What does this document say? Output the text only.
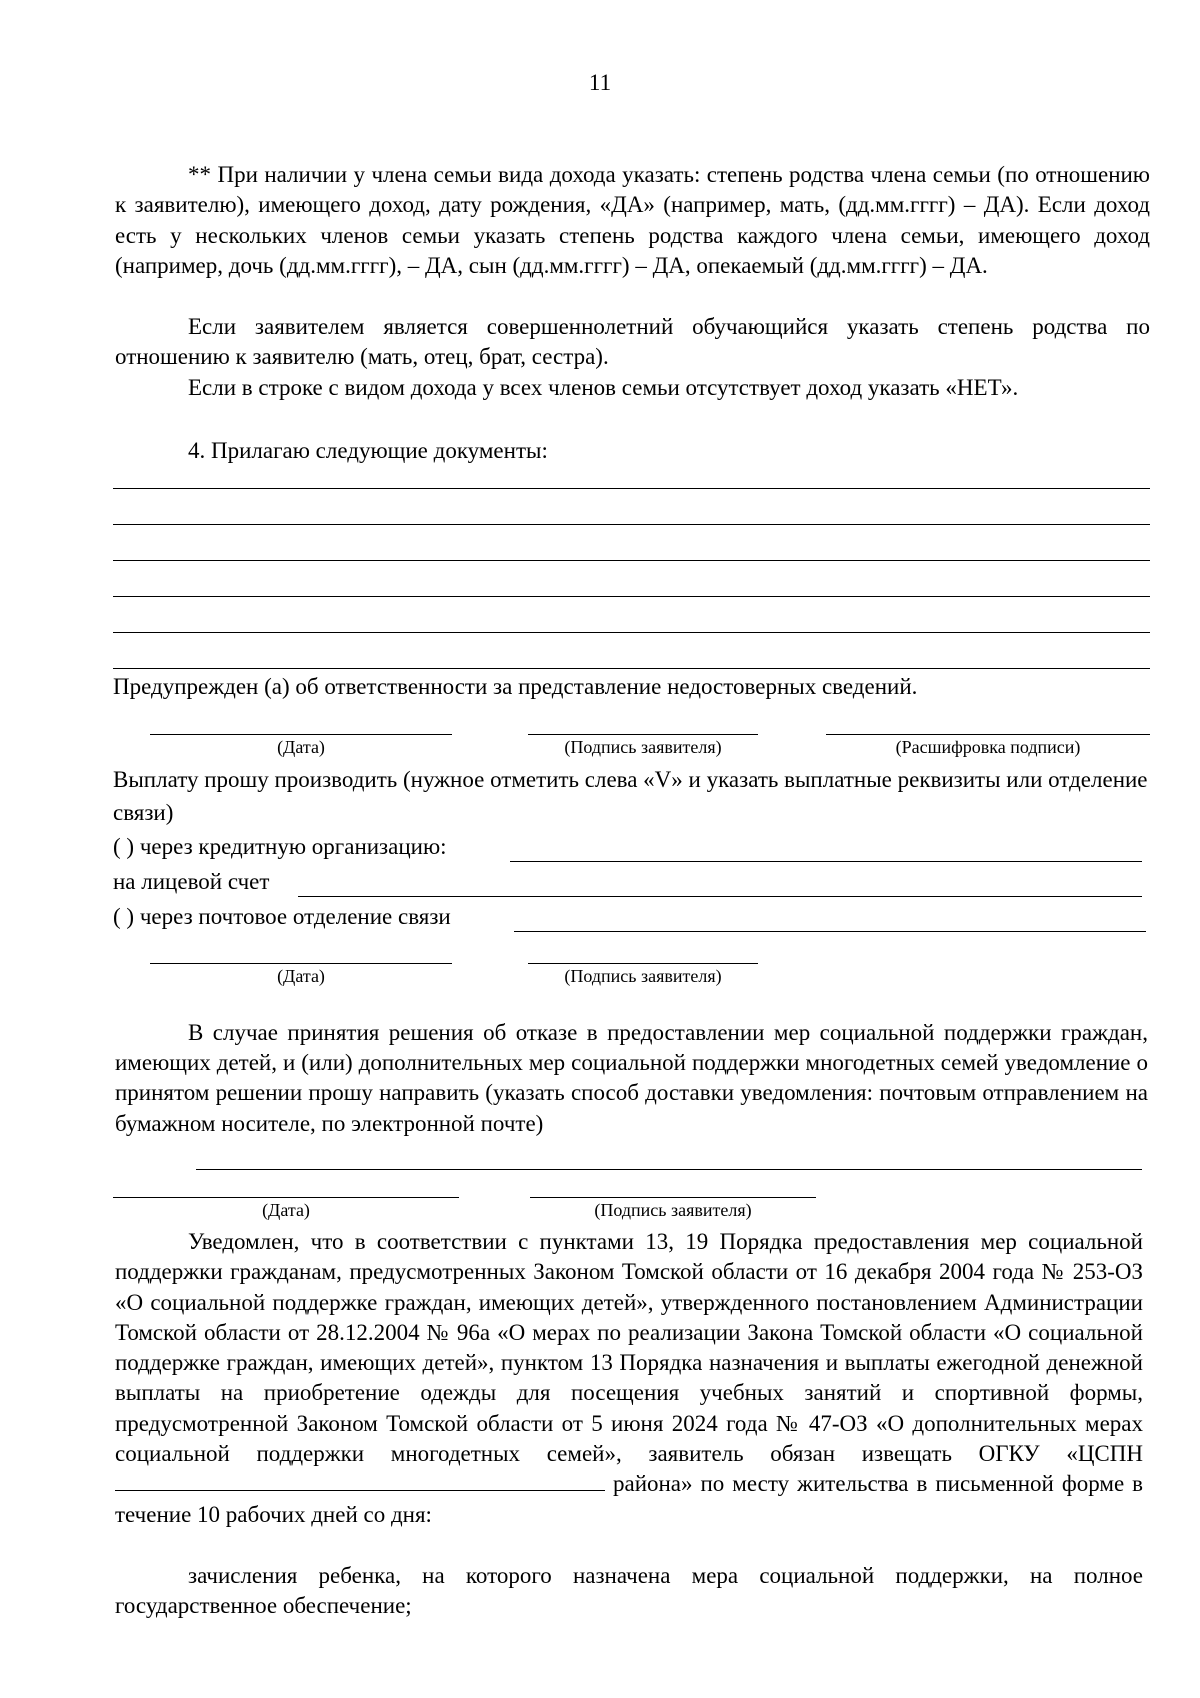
11
** При наличии у члена семьи вида дохода указать: степень родства члена семьи (по отношению к заявителю), имеющего доход, дату рождения, «ДА» (например, мать, (дд.мм.гггг) – ДА). Если доход есть у нескольких членов семьи указать степень родства каждого члена семьи, имеющего доход (например, дочь (дд.мм.гггг), – ДА, сын (дд.мм.гггг) – ДА, опекаемый (дд.мм.гггг) – ДА.
Если заявителем является совершеннолетний обучающийся указать степень родства по отношению к заявителю (мать, отец, брат, сестра).
Если в строке с видом дохода у всех членов семьи отсутствует доход указать «НЕТ».
4. Прилагаю следующие документы:
Предупрежден (а) об ответственности за представление недостоверных сведений.
(Дата)	(Подпись заявителя)	(Расшифровка подписи)
Выплату прошу производить (нужное отметить слева «V» и указать выплатные реквизиты или отделение связи)
( ) через кредитную организацию:
на лицевой счет
( ) через почтовое отделение связи
(Дата)	(Подпись заявителя)
В случае принятия решения об отказе в предоставлении мер социальной поддержки граждан, имеющих детей, и (или) дополнительных мер социальной поддержки многодетных семей уведомление о принятом решении прошу направить (указать способ доставки уведомления: почтовым отправлением на бумажном носителе, по электронной почте)
(Дата)	(Подпись заявителя)
Уведомлен, что в соответствии с пунктами 13, 19 Порядка предоставления мер социальной поддержки гражданам, предусмотренных Законом Томской области от 16 декабря 2004 года № 253-ОЗ «О социальной поддержке граждан, имеющих детей», утвержденного постановлением Администрации Томской области от 28.12.2004 № 96а «О мерах по реализации Закона Томской области «О социальной поддержке граждан, имеющих детей», пунктом 13 Порядка назначения и выплаты ежегодной денежной выплаты на приобретение одежды для посещения учебных занятий и спортивной формы, предусмотренной Законом Томской области от 5 июня 2024 года № 47-ОЗ «О дополнительных мерах социальной поддержки многодетных семей», заявитель обязан извещать ОГКУ «ЦСПН  района» по месту жительства в письменной форме в течение 10 рабочих дней со дня:
зачисления ребенка, на которого назначена мера социальной поддержки, на полное государственное обеспечение;
